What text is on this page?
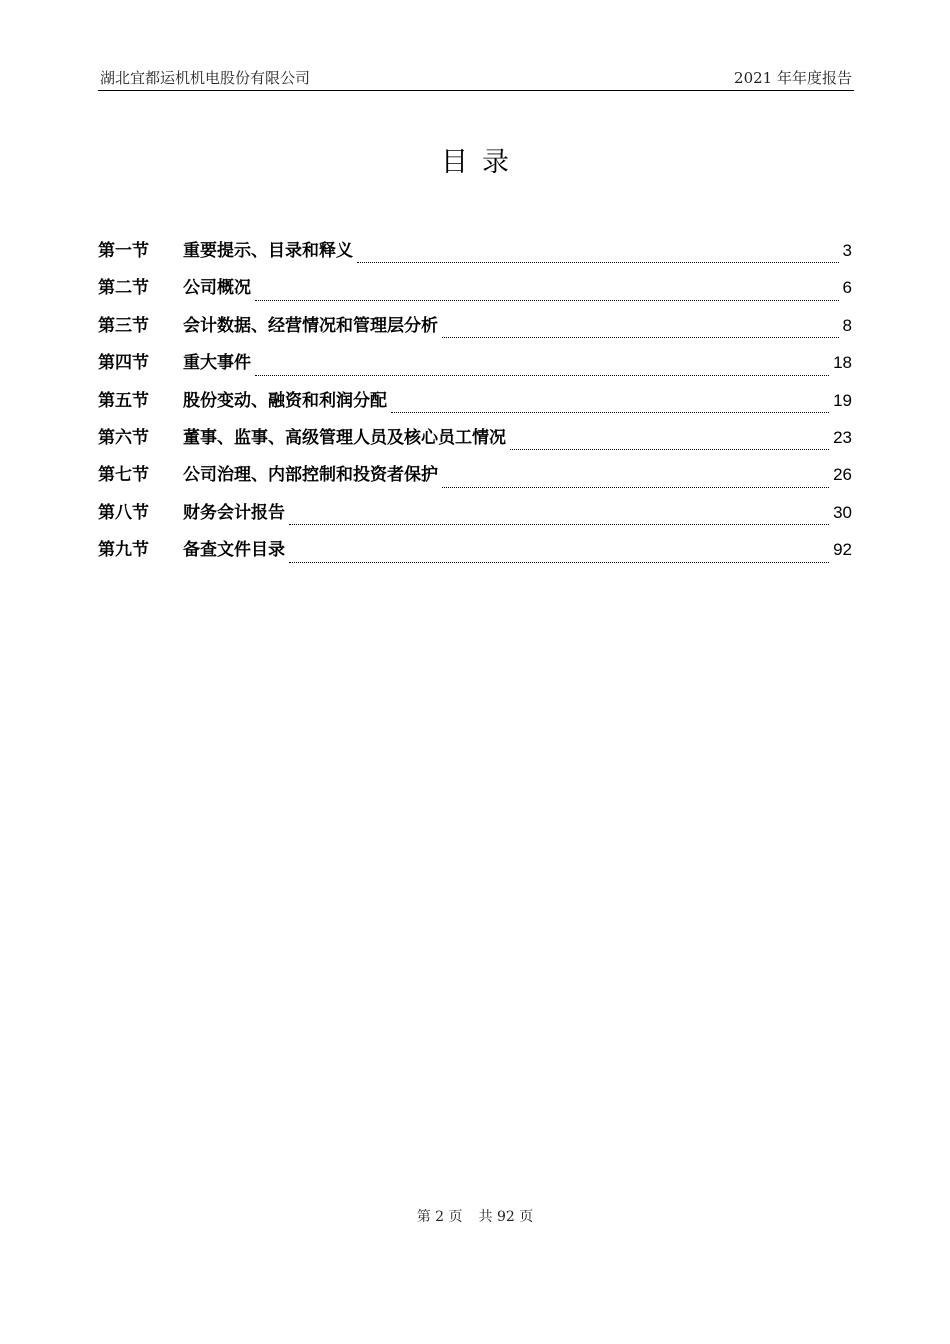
湖北宜都运机机电股份有限公司	2021 年年度报告
目录
第一节	重要提示、目录和释义	3
第二节	公司概况	6
第三节	会计数据、经营情况和管理层分析	8
第四节	重大事件	18
第五节	股份变动、融资和利润分配	19
第六节	董事、监事、高级管理人员及核心员工情况	23
第七节	公司治理、内部控制和投资者保护	26
第八节	财务会计报告	30
第九节	备查文件目录	92
第 2 页 共 92 页
